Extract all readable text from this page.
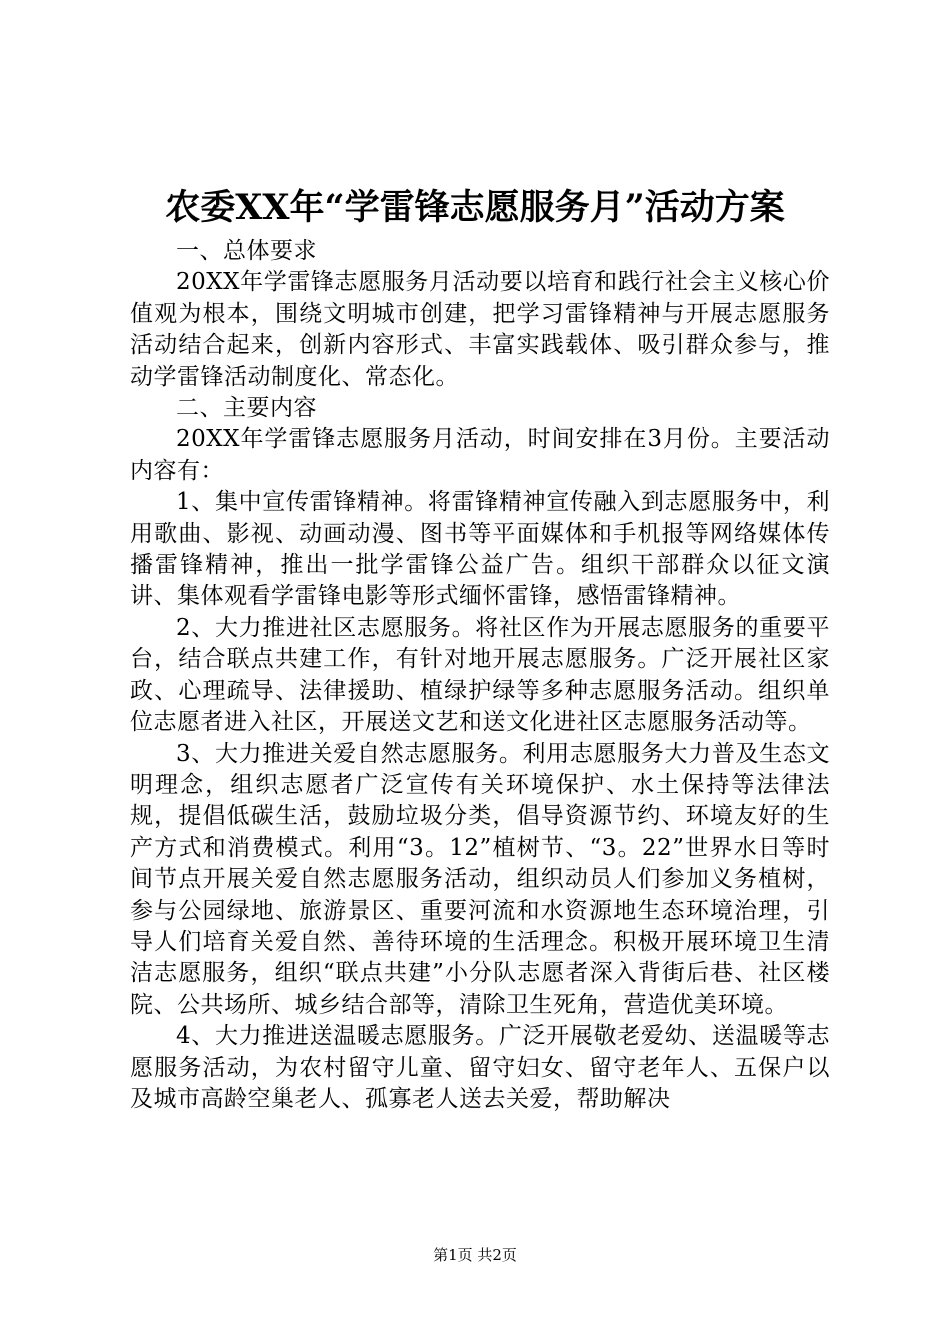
农委XX年“学雷锋志愿服务月”活动方案

一、总体要求

20XX年学雷锋志愿服务月活动要以培育和践行社会主义核心价值观为根本，围绕文明城市创建，把学习雷锋精神与开展志愿服务活动结合起来，创新内容形式、丰富实践载体、吸引群众参与，推动学雷锋活动制度化、常态化。

二、主要内容

20XX年学雷锋志愿服务月活动，时间安排在3月份。主要活动内容有：

1、集中宣传雷锋精神。将雷锋精神宣传融入到志愿服务中，利用歌曲、影视、动画动漫、图书等平面媒体和手机报等网络媒体传播雷锋精神，推出一批学雷锋公益广告。组织干部群众以征文演讲、集体观看学雷锋电影等形式缅怀雷锋，感悟雷锋精神。

2、大力推进社区志愿服务。将社区作为开展志愿服务的重要平台，结合联点共建工作，有针对地开展志愿服务。广泛开展社区家政、心理疏导、法律援助、植绿护绿等多种志愿服务活动。组织单位志愿者进入社区，开展送文艺和送文化进社区志愿服务活动等。

3、大力推进关爱自然志愿服务。利用志愿服务大力普及生态文明理念，组织志愿者广泛宣传有关环境保护、水土保持等法律法规，提倡低碳生活，鼓励垃圾分类，倡导资源节约、环境友好的生产方式和消费模式。利用“3。12”植树节、“3。22”世界水日等时间节点开展关爱自然志愿服务活动，组织动员人们参加义务植树，参与公园绿地、旅游景区、重要河流和水资源地生态环境治理，引导人们培育关爱自然、善待环境的生活理念。积极开展环境卫生清洁志愿服务，组织“联点共建”小分队志愿者深入背街后巷、社区楼院、公共场所、城乡结合部等，清除卫生死角，营造优美环境。

4、大力推进送温暖志愿服务。广泛开展敬老爱幼、送温暖等志愿服务活动，为农村留守儿童、留守妇女、留守老年人、五保户以及城市高龄空巢老人、孤寡老人送去关爱，帮助解决

第1页 共2页
